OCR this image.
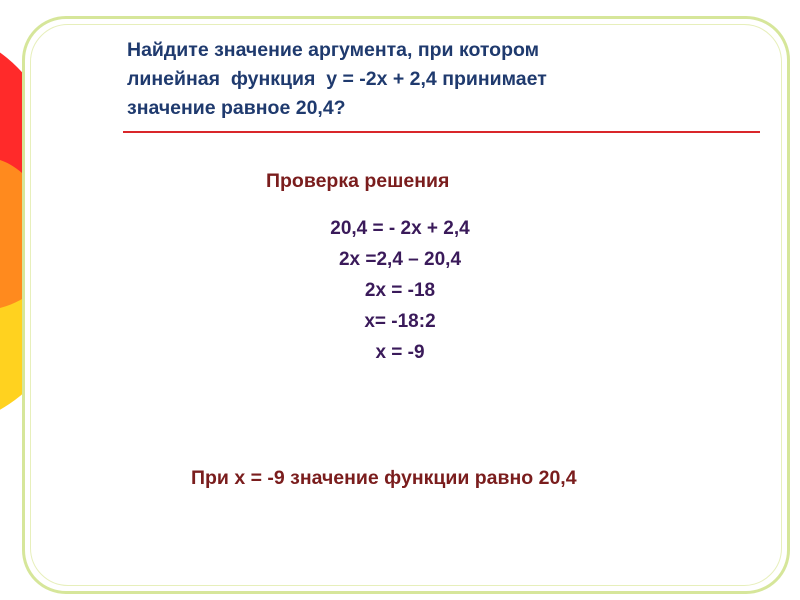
Найдите значение аргумента, при котором
линейная  функция  у = -2х + 2,4 принимает
значение равное 20,4?

Проверка решения

20,4 = - 2х + 2,4
2х =2,4 – 20,4
2х = -18
х= -18:2
х = -9

При х = -9 значение функции равно 20,4
